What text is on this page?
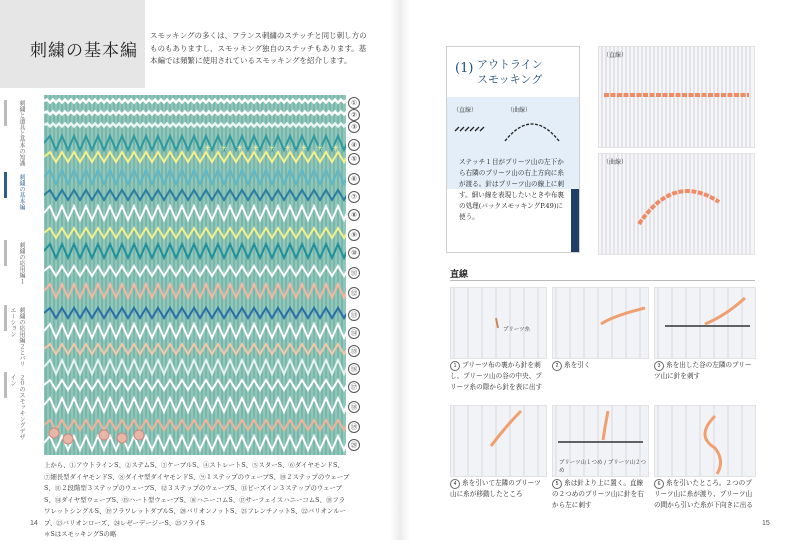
刺繍の基本編
スモッキングの多くは、フランス刺繍のステッチと同じ刺し方のものもありますし、スモッキング独自のステッチもあります。基本編では頻繁に使用されているスモッキングを紹介します。
刺繍と道具と基本の知識
刺繍の基本編
刺繍の応用編１
刺繍の応用編２とバリエーション
２０のスモッキングデザイン
✳ ✳ ✳ ✳ ✳ ✳ ✳ ✳ ✳
①
②
③
④
⑤
⑥
⑦
⑧
⑨
⑩
⑪
⑫
⑬
⑭
⑮
⑯
⑰
⑱
⑲
⑳
上から、①アウトラインS、②ステムS、③ケーブルS、④ストレートS、⑤スターS、⑥ダイヤモンドS、⑦細長型ダイヤモンドS、⑧ダイヤ型ダイヤモンドS、⑨１ステップのウェーブS、⑩２ステップのウェーブS、⑪２段階型３ステップのウェーブS、⑫３ステップのウェーブS、⑬ビーズイン３ステップのウェーブS、⑭ダイヤ型ウェーブS、⑮ハート型ウェーブS、⑯ハニーコムS、⑰サーフェイスハニーコムS、⑱フラワレットシングルS、⑲フラワレットダブルS、⑳バリオンノットS、㉑フレンチノットS、㉒バリオンループ、㉓バリオンローズ、㉔レゼーデージーS、㉕フライS
＊SはスモッキングSの略
14
(1) アウトライン
スモッキング
（直線）	（曲線）
ステッチ１目がプリーツ山の左下から右隣のプリーツ山の右上方向に糸が渡る。針はプリーツ山の線上に刺す。細い線を表現したいときや布裏の処理(バックスモッキングP.49)に使う。
（直線）
（曲線）
直線
プリーツ糸
1 プリーツ布の裏から針を刺し、プリーツ山の谷の中央、プリーツ糸の際から針を表に出す
2 糸を引く	3 糸を出した谷の左隣のプリーツ山に針を刺す
プリーツ山１つめ / プリーツ山２つめ
4 糸を引いて左隣のプリーツ山に糸が移動したところ
5 糸は針より上に置く。直線の２つめのプリーツ山に針を右から左に刺す
6 糸を引いたところ。２つのプリーツ山に糸が渡り、プリーツ山の間から引いた糸が下向きに出る
15
